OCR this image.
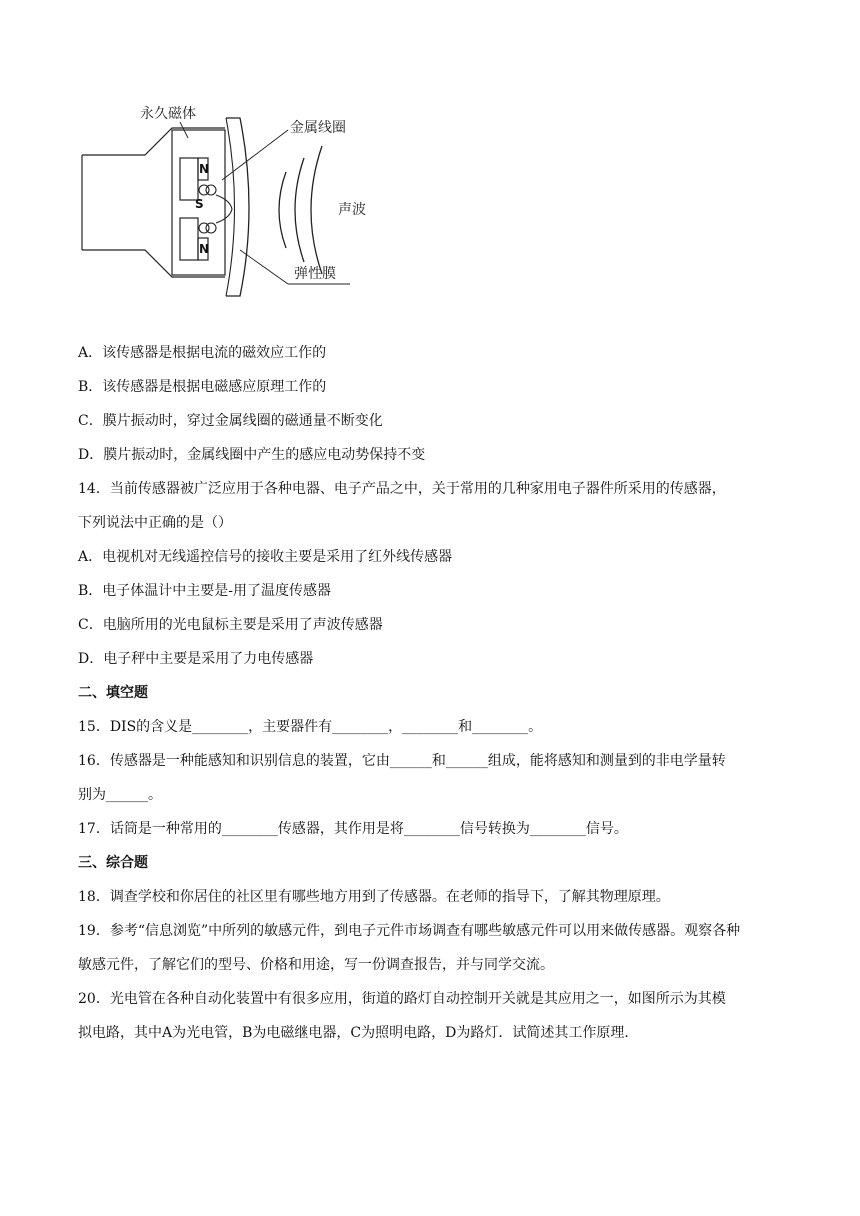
永久磁体
金属线圈
声波
弹性膜
N
S
N

A．该传感器是根据电流的磁效应工作的

B．该传感器是根据电磁感应原理工作的

C．膜片振动时，穿过金属线圈的磁通量不断变化

D．膜片振动时，金属线圈中产生的感应电动势保持不变

14．当前传感器被广泛应用于各种电器、电子产品之中，关于常用的几种家用电子器件所采用的传感器，

下列说法中正确的是（）

A．电视机对无线遥控信号的接收主要是采用了红外线传感器

B．电子体温计中主要是-用了温度传感器

C．电脑所用的光电鼠标主要是采用了声波传感器

D．电子秤中主要是采用了力电传感器

二、填空题

15．DIS的含义是________，主要器件有________，________和________。

16．传感器是一种能感知和识别信息的装置，它由______和______组成，能将感知和测量到的非电学量转

别为______。

17．话筒是一种常用的________传感器，其作用是将________信号转换为________信号。

三、综合题

18．调查学校和你居住的社区里有哪些地方用到了传感器。在老师的指导下，了解其物理原理。

19．参考“信息浏览”中所列的敏感元件，到电子元件市场调查有哪些敏感元件可以用来做传感器。观察各种

敏感元件，了解它们的型号、价格和用途，写一份调查报告，并与同学交流。

20．光电管在各种自动化装置中有很多应用，街道的路灯自动控制开关就是其应用之一，如图所示为其模

拟电路，其中A为光电管，B为电磁继电器，C为照明电路，D为路灯．试简述其工作原理．
